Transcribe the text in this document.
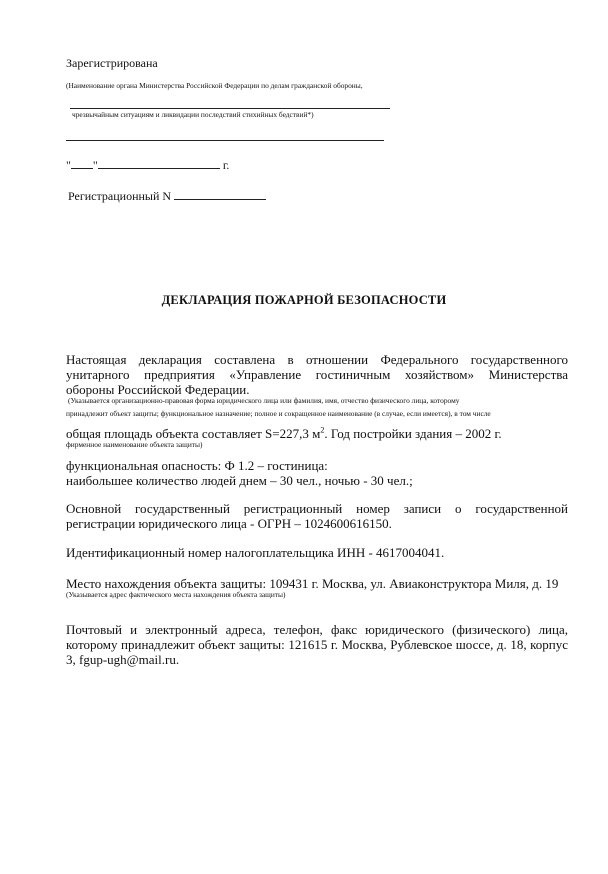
Зарегистрирована
(Наименование органа Министерства Российской Федерации по делам гражданской обороны,
чрезвычайным ситуациям и ликвидации последствий стихийных бедствий*)
" "	г.
Регистрационный N
ДЕКЛАРАЦИЯ ПОЖАРНОЙ БЕЗОПАСНОСТИ
Настоящая декларация составлена в отношении Федерального государственного
унитарного предприятия «Управление гостиничным хозяйством» Министерства
обороны Российской Федерации.
(Указывается организационно-правовая форма юридического лица или фамилия, имя, отчество физического лица, которому
принадлежит объект защиты; функциональное назначение; полное и сокращенное наименование (в случае, если имеется), в том числе
общая площадь объекта составляет S=227,3 $м^2$. Год постройки здания – 2002 г.
фирменное наименование объекта защиты)
функциональная опасность: Ф 1.2 – гостиница:
наибольшее количество людей днем – 30 чел., ночью - 30 чел.;
Основной государственный регистрационный номер записи о государственной
регистрации юридического лица - ОГРН – 1024600616150.
Идентификационный номер налогоплательщика ИНН - 4617004041.
Место нахождения объекта защиты: 109431 г. Москва, ул. Авиаконструктора Миля, д. 19
(Указывается адрес фактического места нахождения объекта защиты)
Почтовый и электронный адреса, телефон, факс юридического (физического) лица,
которому принадлежит объект защиты: 121615 г. Москва, Рублевское шоссе, д. 18, корпус
3, fgup-ugh@mail.ru.
